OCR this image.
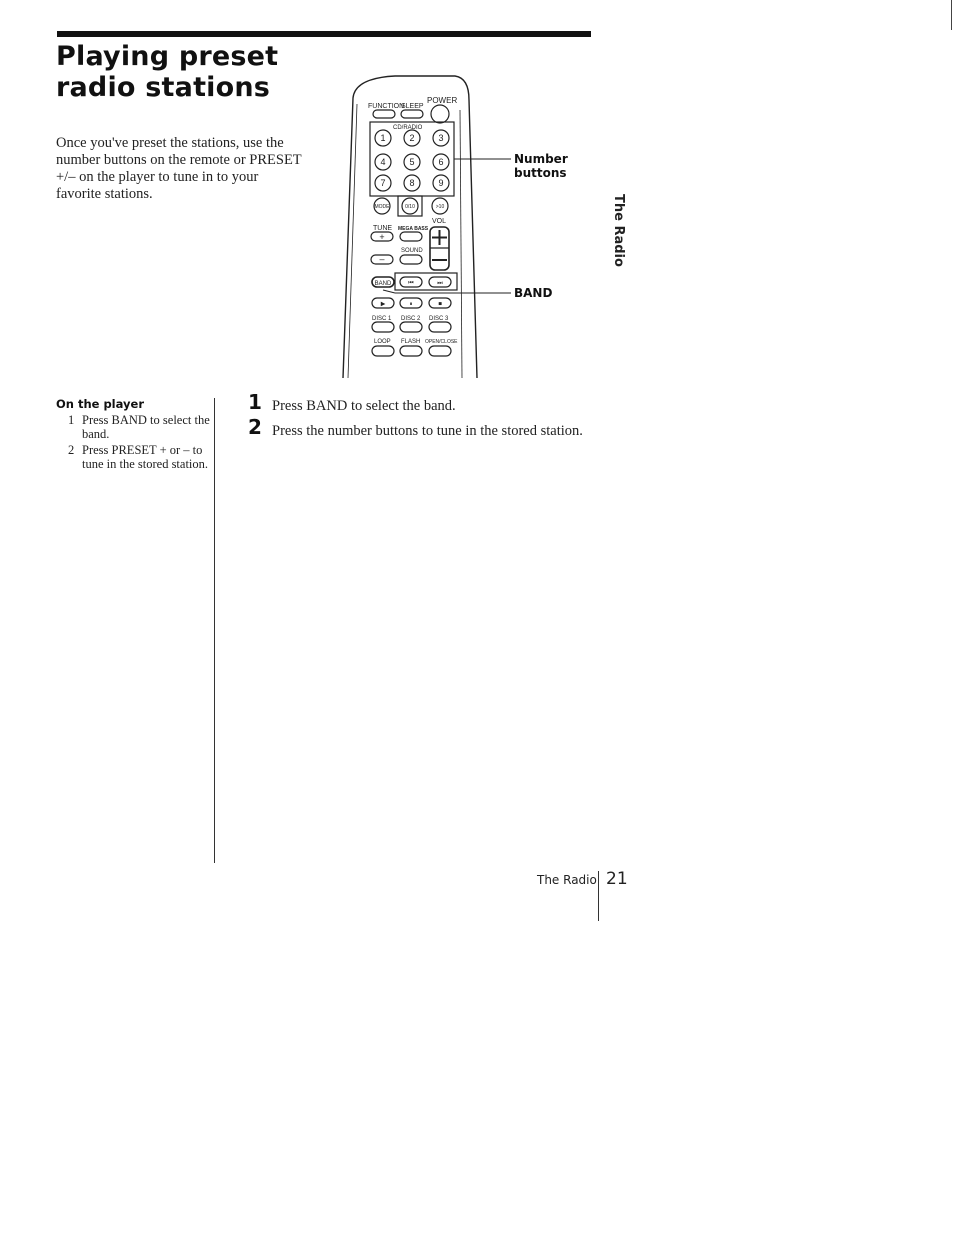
Playing preset
radio stations

Once you've preset the stations, use the number buttons on the remote or PRESET +/– on the player to tune in to your favorite stations.

FUNCTION
SLEEP
POWER
CD/RADIO
1	2	3
4	5	6
7	8	9
MODE	0/10	>10
VOL
TUNE MEGA BASS
+
SOUND
–
BAND	⏮	⏭
▶	⏸	■
DISC 1 DISC 2 DISC 3
LOOP FLASH OPEN/CLOSE
Number
buttons
BAND
The Radio
On the player
1 Press BAND to select the band.
2 Press PRESET + or – to tune in the stored station.
1 Press BAND to select the band.
2 Press the number buttons to tune in the stored station.
The Radio 21
